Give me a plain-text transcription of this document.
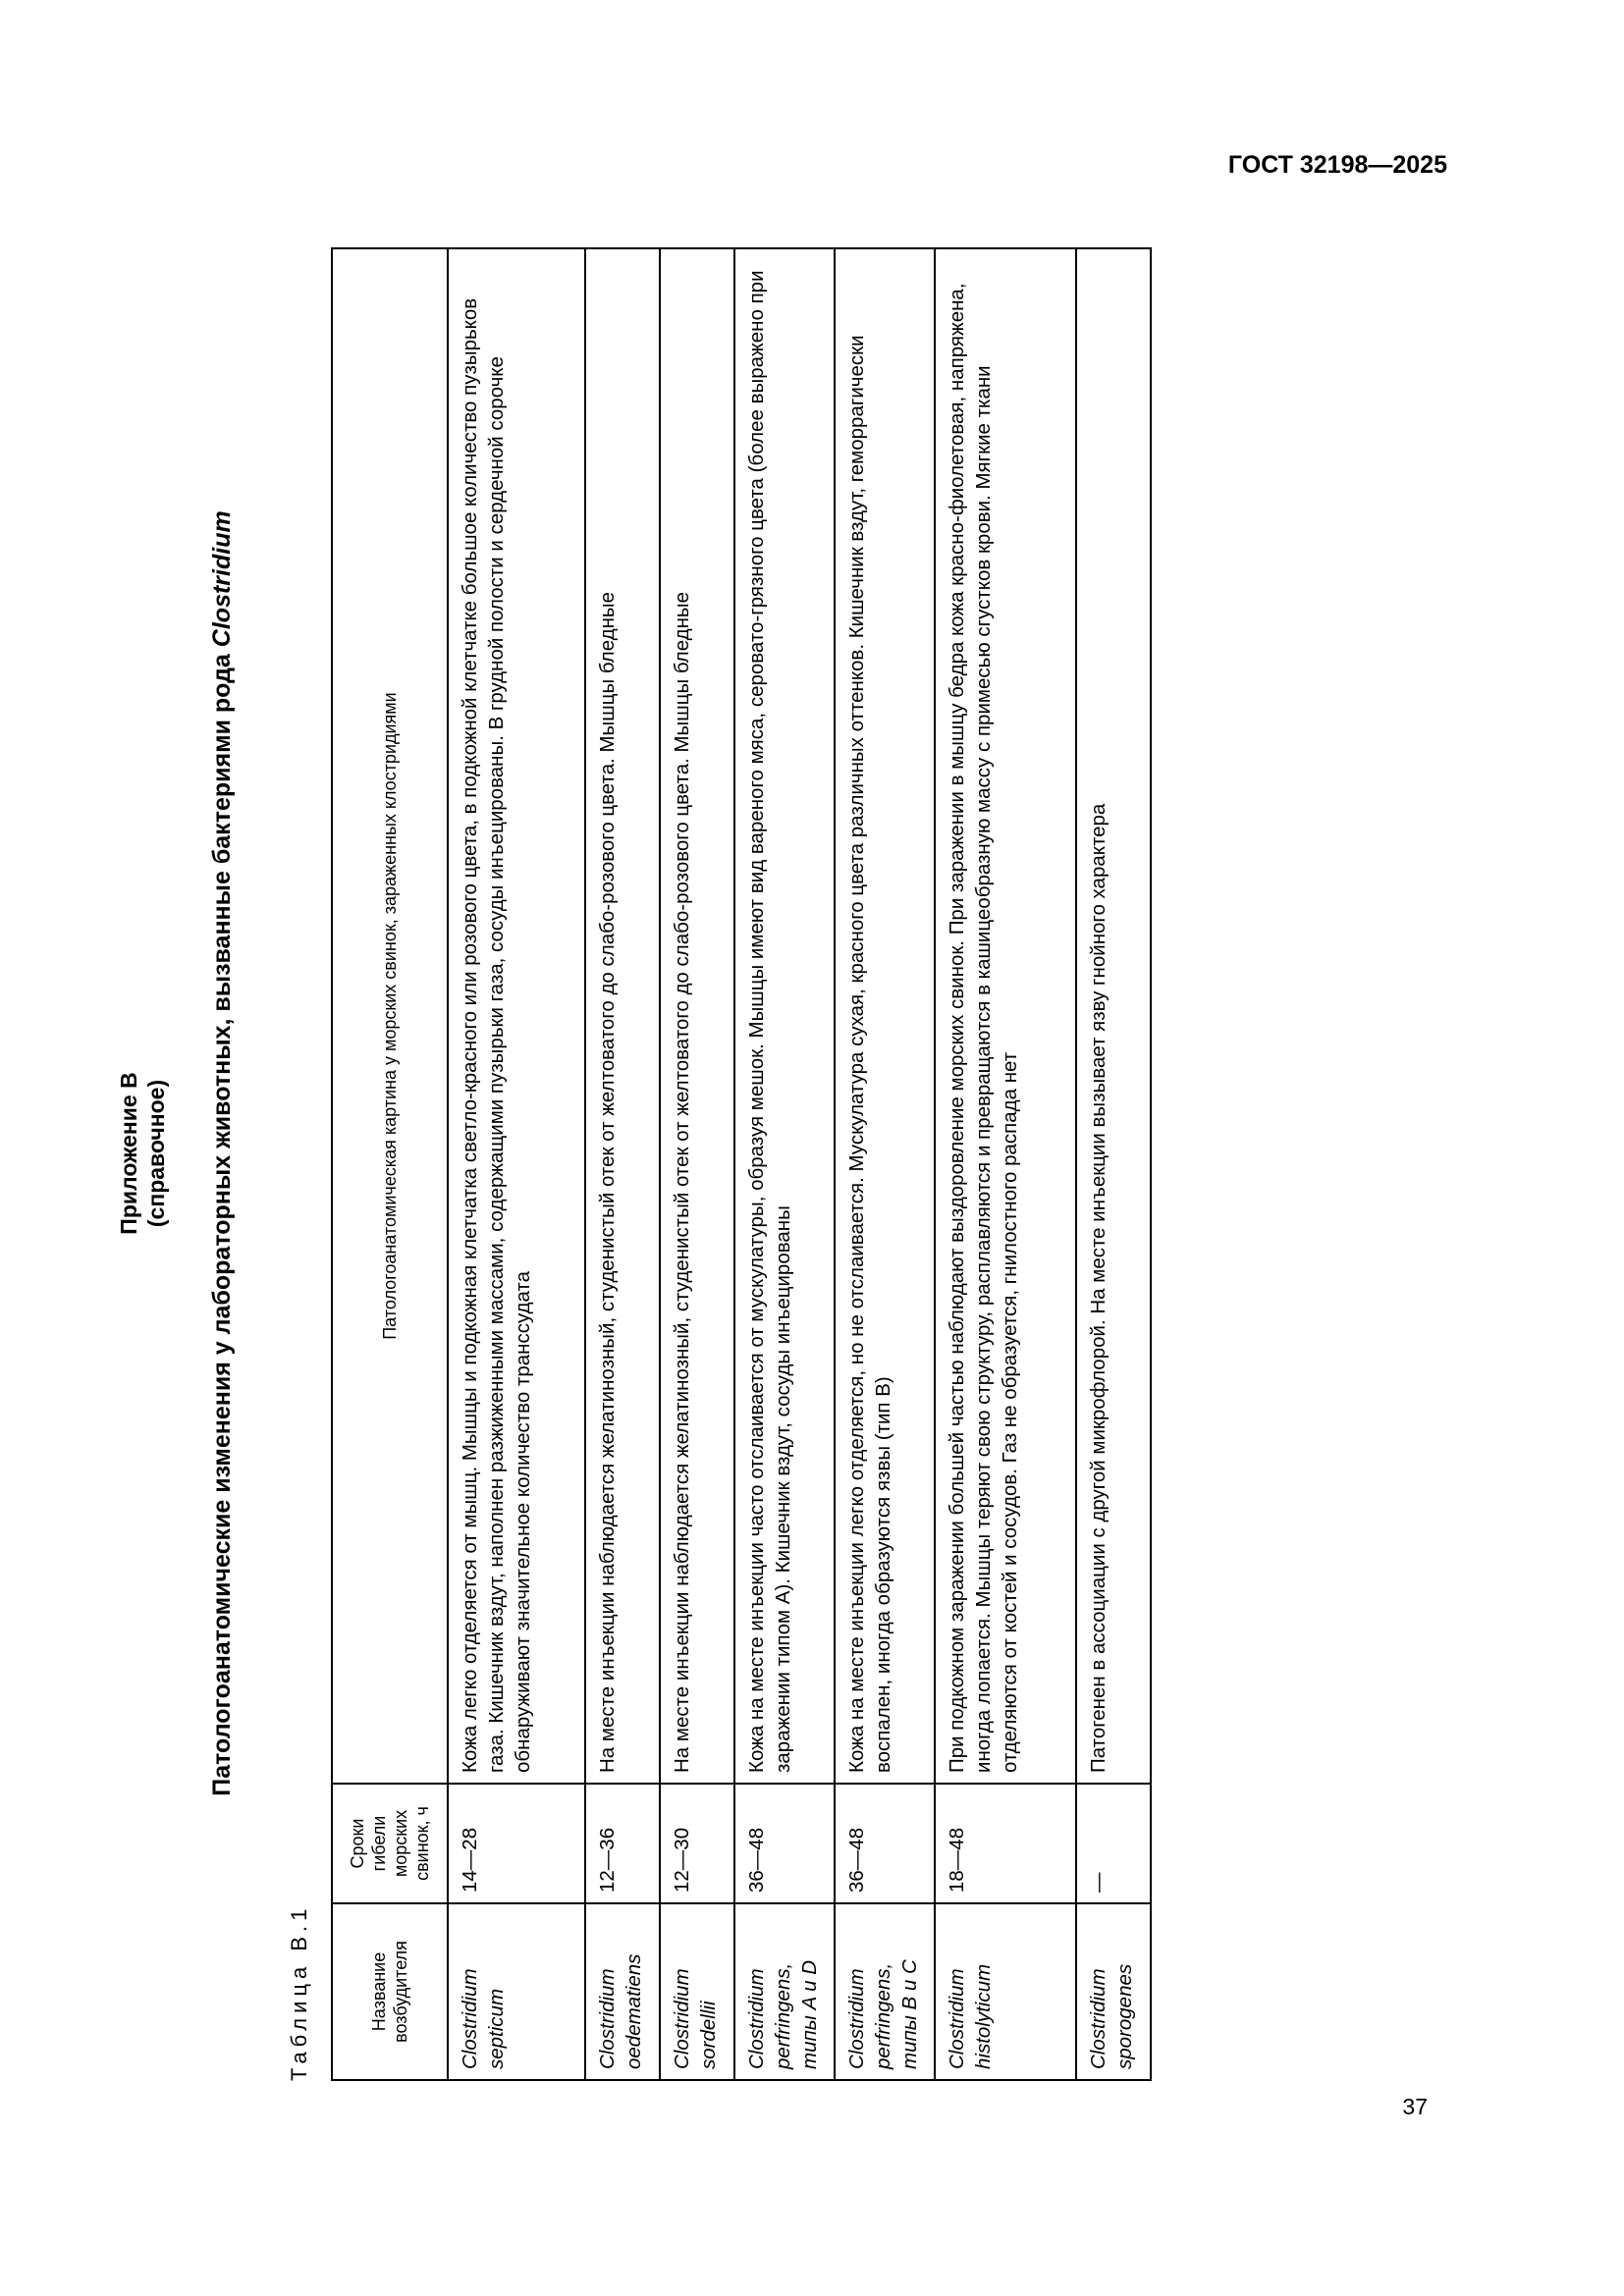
ГОСТ 32198—2025
Приложение В (справочное) Патологоанатомические изменения у лабораторных животных, вызванные бактериями рода Clostridium
Таблица В.1	Название возбудителя	Сроки гибели морских свинок, ч	Патологоанатомическая картина у морских свинок, зараженных клостридиями
Clostridium septicum	14—28	Кожа легко отделяется от мышц. Мышцы и подкожная клетчатка светло-красного или розового цвета, в подкожной клетчатке большое количество пузырьков газа. Кишечник вздут, наполнен разжиженными массами, содержащими пузырьки газа, сосуды инъецированы. В грудной полости и сердечной сорочке обнаруживают значительное количество транссудата
Clostridium oedematiens	12—36	На месте инъекции наблюдается желатинозный, студенистый отек от желтоватого до слабо-розового цвета. Мышцы бледные
Clostridium sordellii	12—30	На месте инъекции наблюдается желатинозный, студенистый отек от желтоватого до слабо-розового цвета. Мышцы бледные
Clostridium perfringens, типы A и D	36—48	Кожа на месте инъекции часто отслаивается от мускулатуры, образуя мешок. Мышцы имеют вид вареного мяса, серовато-грязного цвета (более выражено при заражении типом A). Кишечник вздут, сосуды инъецированы
Clostridium perfringens, типы B и C	36—48	Кожа на месте инъекции легко отделяется, но не отслаивается. Мускулатура сухая, красного цвета различных оттенков. Кишечник вздут, геморрагически воспален, иногда образуются язвы (тип B)
Clostridium histolyticum	18—48	При подкожном заражении большей частью наблюдают выздоровление морских свинок. При заражении в мышцу бедра кожа красно-фиолетовая, напряжена, иногда лопается. Мышцы теряют свою структуру, расплавляются и превращаются в кашицеобразную массу с примесью сгустков крови. Мягкие ткани отделяются от костей и сосудов. Газ не образуется, гнилостного распада нет
Clostridium sporogenes	—	Патогенен в ассоциации с другой микрофлорой. На месте инъекции вызывает язву гнойного характера
37
